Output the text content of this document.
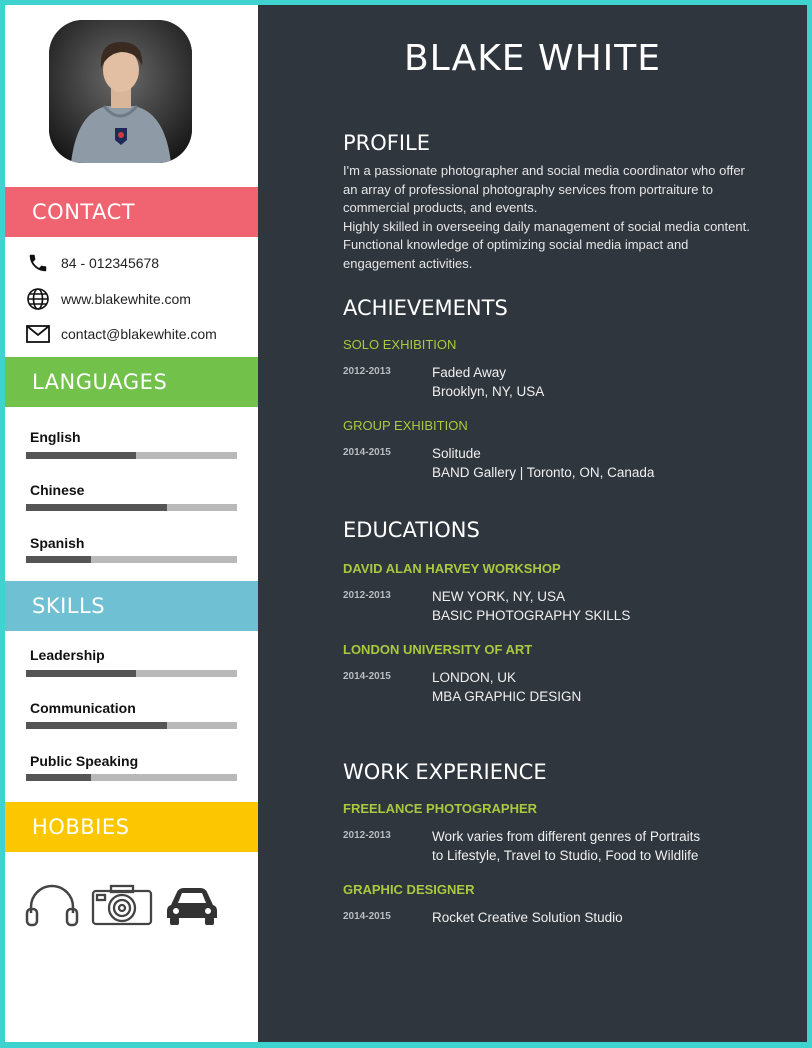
CONTACT
84 - 012345678
www.blakewhite.com
contact@blakewhite.com
LANGUAGES
English
Chinese
Spanish
SKILLS
Leadership
Communication
Public Speaking
HOBBIES
BLAKE WHITE
PROFILE
I'm a passionate photographer and social media coordinator who offer
an array of professional photography services from portraiture to
commercial products, and events.
Highly skilled in overseeing daily management of social media content.
Functional knowledge of optimizing social media impact and
engagement activities.
ACHIEVEMENTS
SOLO EXHIBITION
2012-2013	Faded Away
Brooklyn, NY, USA
GROUP EXHIBITION
2014-2015	Solitude
BAND Gallery | Toronto, ON, Canada
EDUCATIONS
DAVID ALAN HARVEY WORKSHOP
2012-2013	NEW YORK, NY, USA
BASIC PHOTOGRAPHY SKILLS
LONDON UNIVERSITY OF ART
2014-2015	LONDON, UK
MBA GRAPHIC DESIGN
WORK EXPERIENCE
FREELANCE PHOTOGRAPHER
2012-2013	Work varies from different genres of Portraits
to Lifestyle, Travel to Studio, Food to Wildlife
GRAPHIC DESIGNER
2014-2015	Rocket Creative Solution Studio
